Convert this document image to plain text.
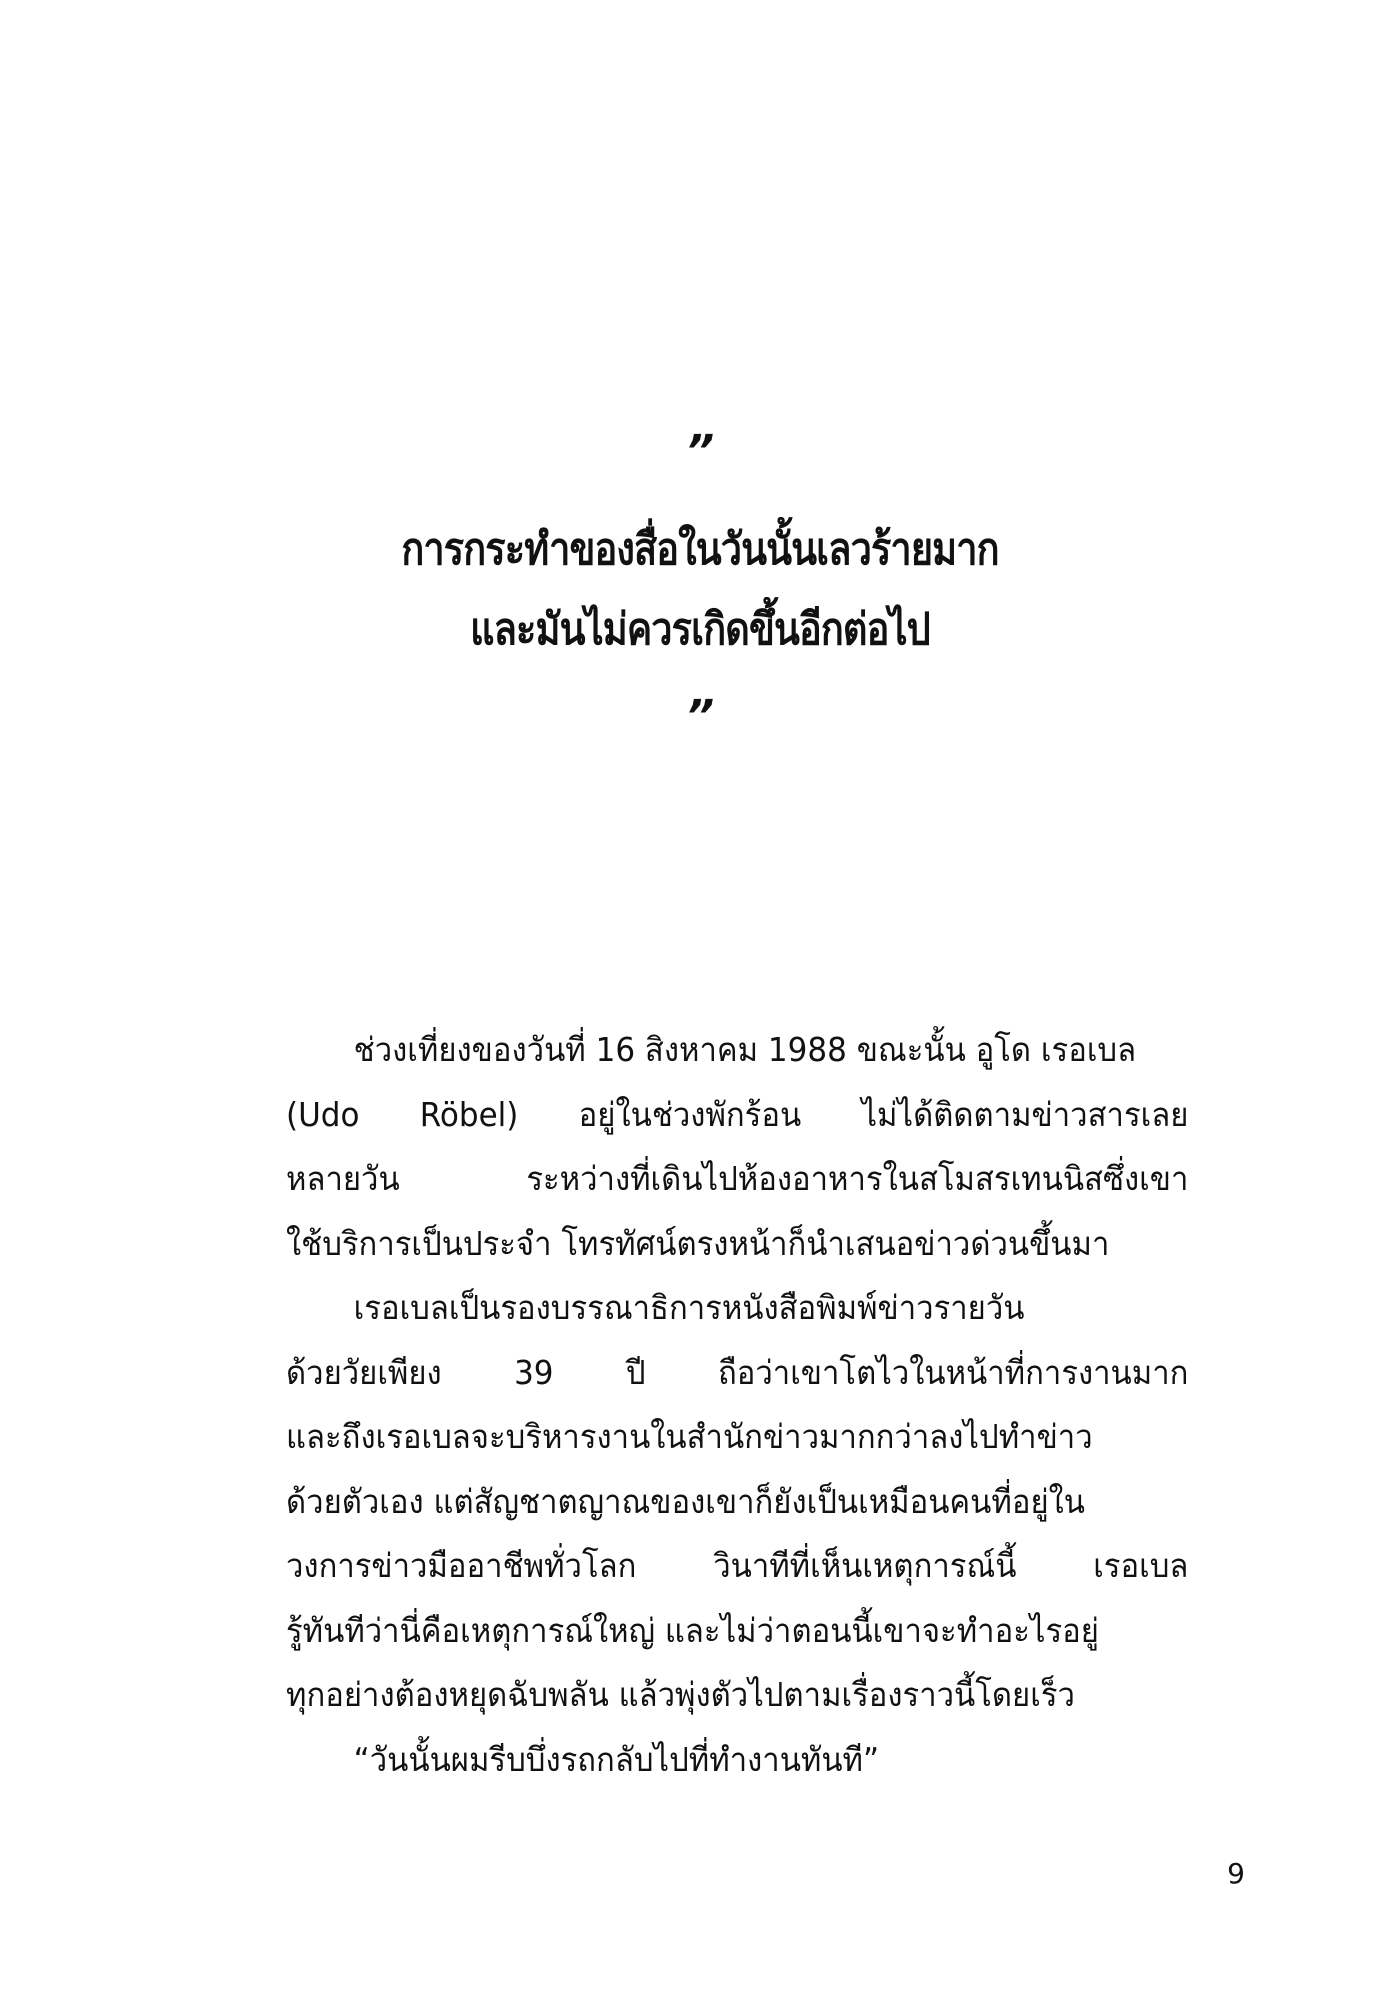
”
การกระทำของสื่อในวันนั้นเลวร้ายมาก
และมันไม่ควรเกิดขึ้นอีกต่อไป
”
ช่วงเที่ยงของวันที่ 16 สิงหาคม 1988 ขณะนั้น อูโด เรอเบล
(Udo Röbel) อยู่ในช่วงพักร้อน ไม่ได้ติดตามข่าวสารเลย
หลายวัน ระหว่างที่เดินไปห้องอาหารในสโมสรเทนนิสซึ่งเขา
ใช้บริการเป็นประจำ โทรทัศน์ตรงหน้าก็นำเสนอข่าวด่วนขึ้นมา
เรอเบลเป็นรองบรรณาธิการหนังสือพิมพ์ข่าวรายวัน
ด้วยวัยเพียง 39 ปี ถือว่าเขาโตไวในหน้าที่การงานมาก
และถึงเรอเบลจะบริหารงานในสำนักข่าวมากกว่าลงไปทำข่าว
ด้วยตัวเอง แต่สัญชาตญาณของเขาก็ยังเป็นเหมือนคนที่อยู่ใน
วงการข่าวมืออาชีพทั่วโลก วินาทีที่เห็นเหตุการณ์นี้ เรอเบล
รู้ทันทีว่านี่คือเหตุการณ์ใหญ่ และไม่ว่าตอนนี้เขาจะทำอะไรอยู่
ทุกอย่างต้องหยุดฉับพลัน แล้วพุ่งตัวไปตามเรื่องราวนี้โดยเร็ว
“วันนั้นผมรีบบึ่งรถกลับไปที่ทำงานทันที”
9
